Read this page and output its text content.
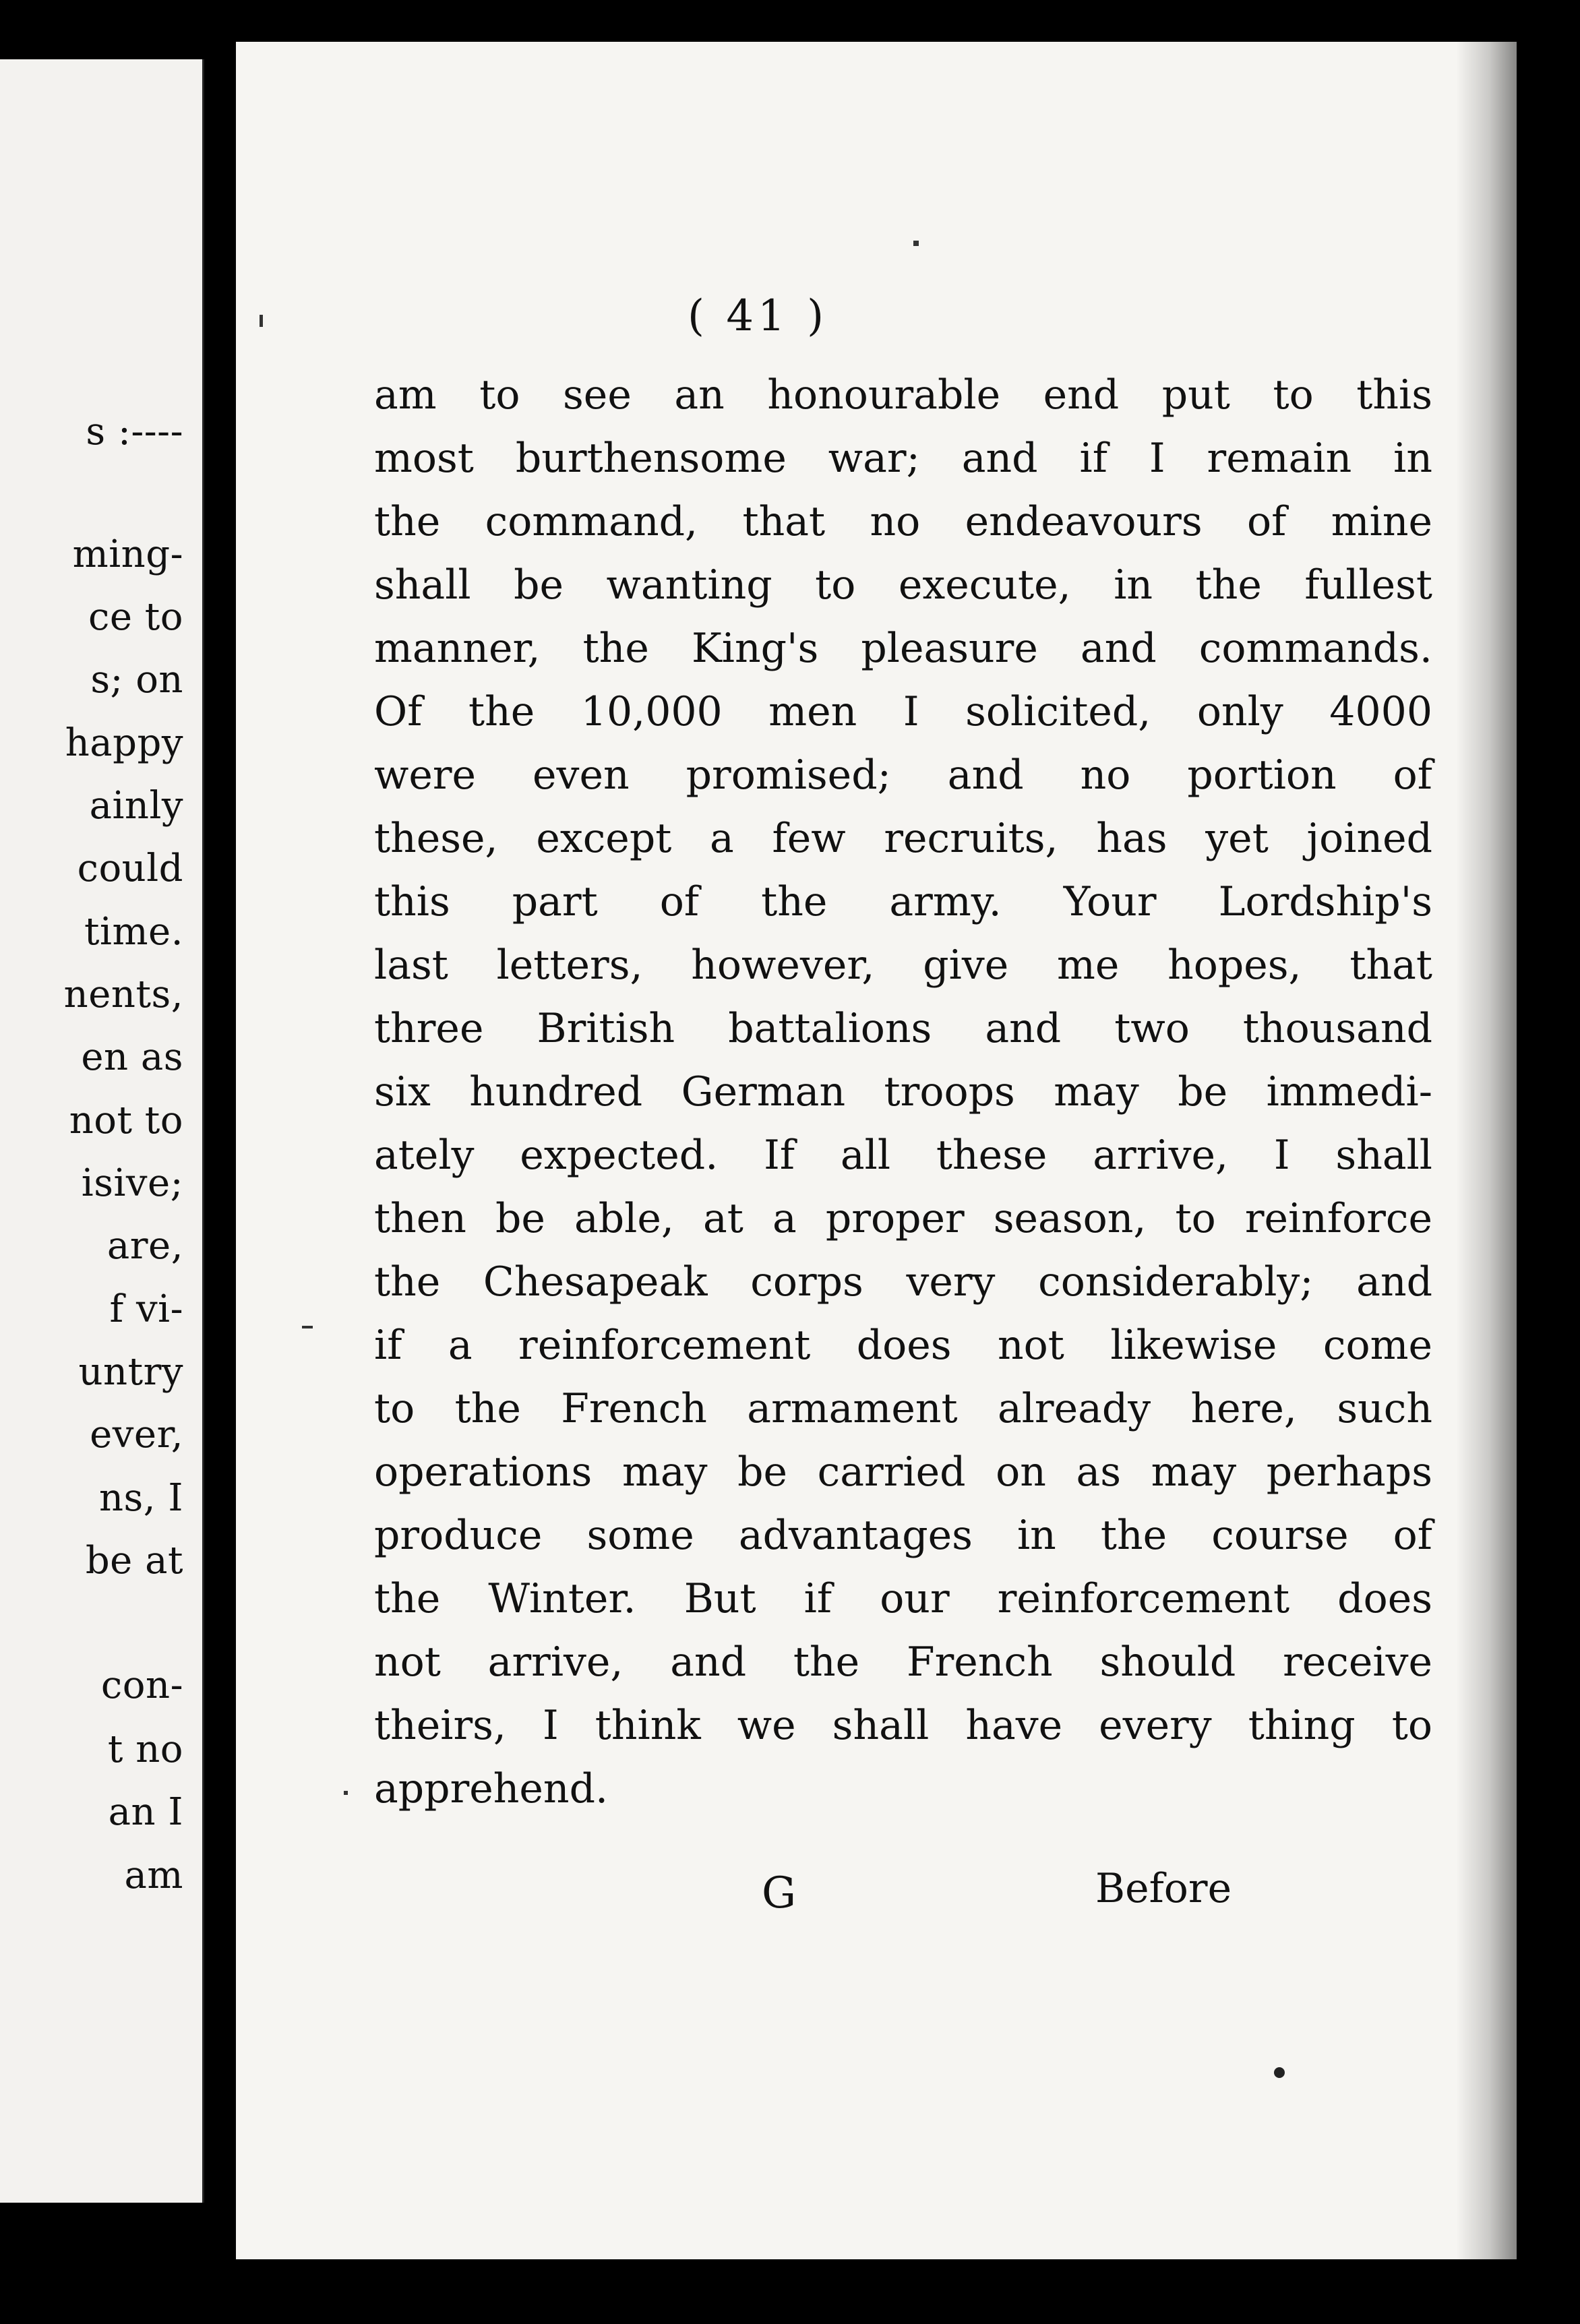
s :----
ming-
ce to
s; on
happy
ainly
could
time.
nents,
en as
not to
isive;
are,
f vi-
untry
ever,
ns, I
be at
con-
t no
an I
am
( 41 )
am to see an honourable end put to this
most burthensome war; and if I remain in
the command, that no endeavours of mine
shall be wanting to execute, in the fullest
manner, the King's pleasure and commands.
Of the 10,000 men I solicited, only 4000
were even promised; and no portion of
these, except a few recruits, has yet joined
this part of the army. Your Lordship's
last letters, however, give me hopes, that
three British battalions and two thousand
six hundred German troops may be immedi-
ately expected. If all these arrive, I shall
then be able, at a proper season, to reinforce
the Chesapeak corps very considerably; and
if a reinforcement does not likewise come
to the French armament already here, such
operations may be carried on as may perhaps
produce some advantages in the course of
the Winter. But if our reinforcement does
not arrive, and the French should receive
theirs, I think we shall have every thing to
apprehend.
G	Before
